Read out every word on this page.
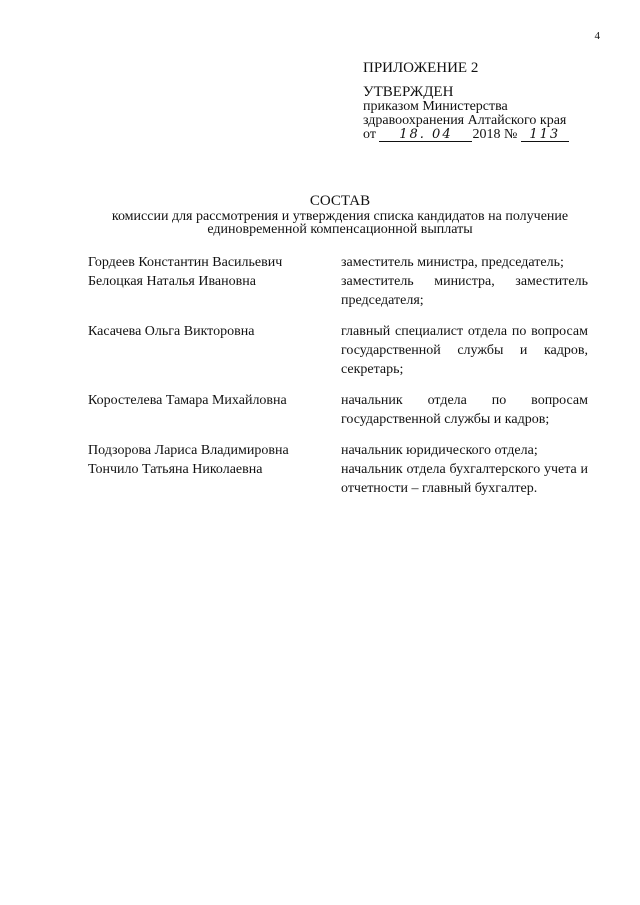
4
ПРИЛОЖЕНИЕ 2
УТВЕРЖДЕН
приказом Министерства
здравоохранения Алтайского края
от 18. 04 2018 № 113
СОСТАВ
комиссии для рассмотрения и утверждения списка кандидатов на получение
единовременной компенсационной выплаты
Гордеев Константин Васильевич	заместитель министра, председатель;
Белоцкая Наталья Ивановна	заместитель министра, заместитель председателя;
Касачева Ольга Викторовна	главный специалист отдела по вопросам государственной службы и кадров, секретарь;
Коростелева Тамара Михайловна	начальник отдела по вопросам государственной службы и кадров;
Подзорова Лариса Владимировна	начальник юридического отдела;
Тончило Татьяна Николаевна	начальник отдела бухгалтерского учета и отчетности – главный бухгалтер.
